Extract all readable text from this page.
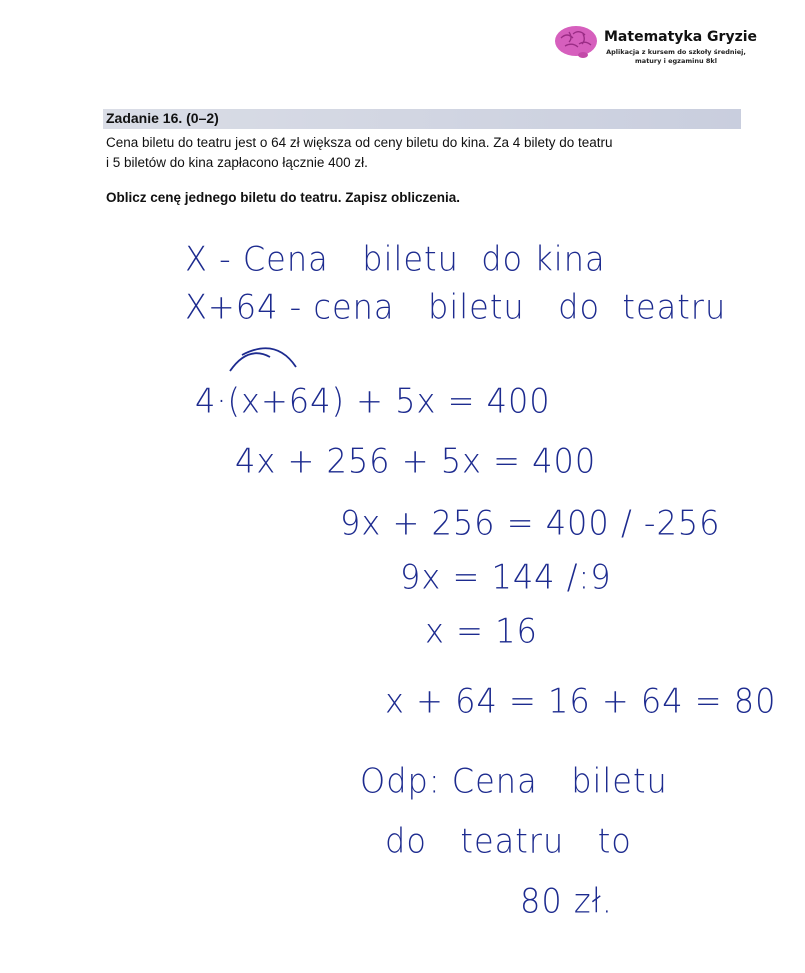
Matematyka Gryzie
Aplikacja z kursem do szkoły średniej,
matury i egzaminu 8kl
Zadanie 16. (0–2)
Cena biletu do teatru jest o 64 zł większa od ceny biletu do kina. Za 4 bilety do teatru
i 5 biletów do kina zapłacono łącznie 400 zł.
Oblicz cenę jednego biletu do teatru. Zapisz obliczenia.
X - Cena   biletu  do kina
X+64 - cena   biletu   do  teatru
4·(x+64) + 5x = 400
4x + 256 + 5x = 400
9x + 256 = 400 / -256
9x = 144 /:9
x = 16
x + 64 = 16 + 64 = 80
Odp: Cena   biletu
do   teatru   to
80 zł.
